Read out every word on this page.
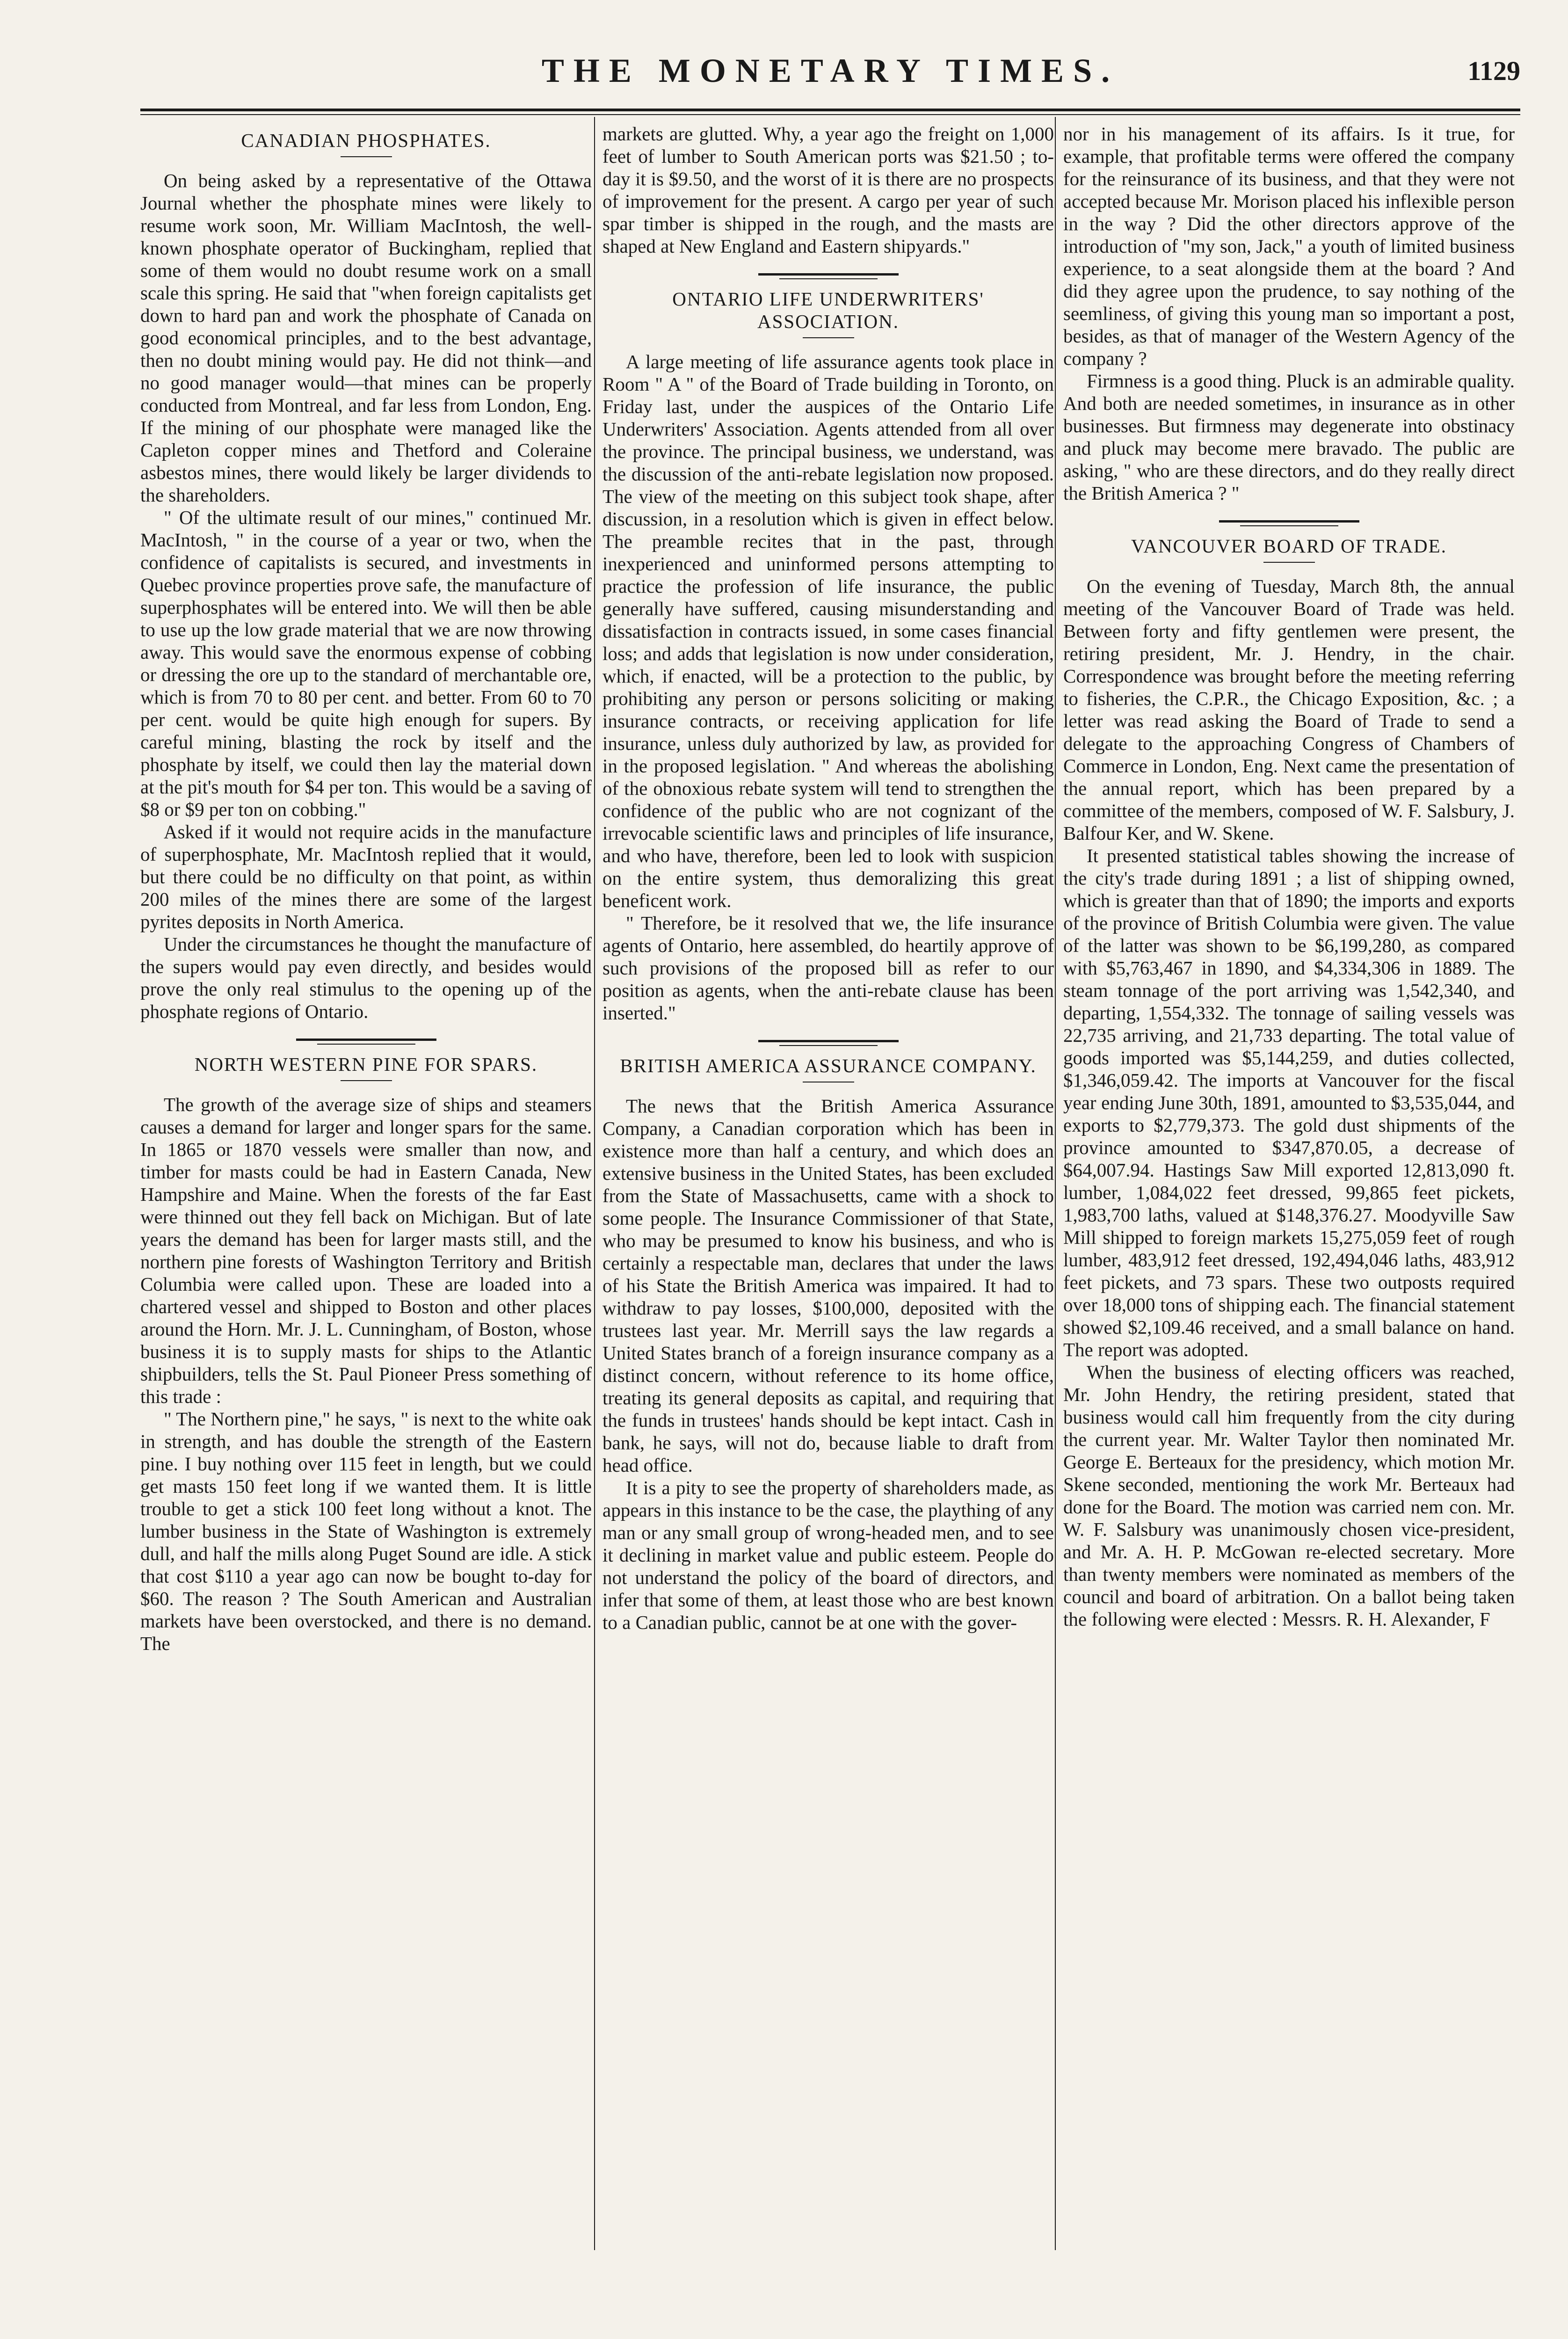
THE MONETARY TIMES.	1129
CANADIAN PHOSPHATES.

On being asked by a representative of the Ottawa Journal whether the phosphate mines were likely to resume work soon, Mr. William MacIntosh, the well-known phosphate operator of Buckingham, replied that some of them would no doubt resume work on a small scale this spring. He said that "when foreign capitalists get down to hard pan and work the phosphate of Canada on good economical principles, and to the best advantage, then no doubt mining would pay. He did not think—and no good manager would—that mines can be properly conducted from Montreal, and far less from London, Eng. If the mining of our phosphate were managed like the Capleton copper mines and Thetford and Coleraine asbestos mines, there would likely be larger dividends to the shareholders.

" Of the ultimate result of our mines," continued Mr. MacIntosh, " in the course of a year or two, when the confidence of capitalists is secured, and investments in Quebec province properties prove safe, the manufacture of superphosphates will be entered into. We will then be able to use up the low grade material that we are now throwing away. This would save the enormous expense of cobbing or dressing the ore up to the standard of merchantable ore, which is from 70 to 80 per cent. and better. From 60 to 70 per cent. would be quite high enough for supers. By careful mining, blasting the rock by itself and the phosphate by itself, we could then lay the material down at the pit's mouth for $4 per ton. This would be a saving of $8 or $9 per ton on cobbing."

Asked if it would not require acids in the manufacture of superphosphate, Mr. MacIntosh replied that it would, but there could be no difficulty on that point, as within 200 miles of the mines there are some of the largest pyrites deposits in North America.

Under the circumstances he thought the manufacture of the supers would pay even directly, and besides would prove the only real stimulus to the opening up of the phosphate regions of Ontario.

NORTH WESTERN PINE FOR SPARS.

The growth of the average size of ships and steamers causes a demand for larger and longer spars for the same. In 1865 or 1870 vessels were smaller than now, and timber for masts could be had in Eastern Canada, New Hampshire and Maine. When the forests of the far East were thinned out they fell back on Michigan. But of late years the demand has been for larger masts still, and the northern pine forests of Washington Territory and British Columbia were called upon. These are loaded into a chartered vessel and shipped to Boston and other places around the Horn. Mr. J. L. Cunningham, of Boston, whose business it is to supply masts for ships to the Atlantic shipbuilders, tells the St. Paul Pioneer Press something of this trade :

" The Northern pine," he says, " is next to the white oak in strength, and has double the strength of the Eastern pine. I buy nothing over 115 feet in length, but we could get masts 150 feet long if we wanted them. It is little trouble to get a stick 100 feet long without a knot. The lumber business in the State of Washington is extremely dull, and half the mills along Puget Sound are idle. A stick that cost $110 a year ago can now be bought to-day for $60. The reason ? The South American and Australian markets have been overstocked, and there is no demand. The

markets are glutted. Why, a year ago the freight on 1,000 feet of lumber to South American ports was $21.50 ; to-day it is $9.50, and the worst of it is there are no prospects of improvement for the present. A cargo per year of such spar timber is shipped in the rough, and the masts are shaped at New England and Eastern shipyards."

ONTARIO LIFE UNDERWRITERS' ASSOCIATION.

A large meeting of life assurance agents took place in Room " A " of the Board of Trade building in Toronto, on Friday last, under the auspices of the Ontario Life Underwriters' Association. Agents attended from all over the province. The principal business, we understand, was the discussion of the anti-rebate legislation now proposed. The view of the meeting on this subject took shape, after discussion, in a resolution which is given in effect below. The preamble recites that in the past, through inexperienced and uninformed persons attempting to practice the profession of life insurance, the public generally have suffered, causing misunderstanding and dissatisfaction in contracts issued, in some cases financial loss; and adds that legislation is now under consideration, which, if enacted, will be a protection to the public, by prohibiting any person or persons soliciting or making insurance contracts, or receiving application for life insurance, unless duly authorized by law, as provided for in the proposed legislation. " And whereas the abolishing of the obnoxious rebate system will tend to strengthen the confidence of the public who are not cognizant of the irrevocable scientific laws and principles of life insurance, and who have, therefore, been led to look with suspicion on the entire system, thus demoralizing this great beneficent work.

" Therefore, be it resolved that we, the life insurance agents of Ontario, here assembled, do heartily approve of such provisions of the proposed bill as refer to our position as agents, when the anti-rebate clause has been inserted."

BRITISH AMERICA ASSURANCE COMPANY.

The news that the British America Assurance Company, a Canadian corporation which has been in existence more than half a century, and which does an extensive business in the United States, has been excluded from the State of Massachusetts, came with a shock to some people. The Insurance Commissioner of that State, who may be presumed to know his business, and who is certainly a respectable man, declares that under the laws of his State the British America was impaired. It had to withdraw to pay losses, $100,000, deposited with the trustees last year. Mr. Merrill says the law regards a United States branch of a foreign insurance company as a distinct concern, without reference to its home office, treating its general deposits as capital, and requiring that the funds in trustees' hands should be kept intact. Cash in bank, he says, will not do, because liable to draft from head office.

It is a pity to see the property of shareholders made, as appears in this instance to be the case, the plaything of any man or any small group of wrong-headed men, and to see it declining in market value and public esteem. People do not understand the policy of the board of directors, and infer that some of them, at least those who are best known to a Canadian public, cannot be at one with the gover-

nor in his management of its affairs. Is it true, for example, that profitable terms were offered the company for the reinsurance of its business, and that they were not accepted because Mr. Morison placed his inflexible person in the way ? Did the other directors approve of the introduction of "my son, Jack," a youth of limited business experience, to a seat alongside them at the board ? And did they agree upon the prudence, to say nothing of the seemliness, of giving this young man so important a post, besides, as that of manager of the Western Agency of the company ?

Firmness is a good thing. Pluck is an admirable quality. And both are needed sometimes, in insurance as in other businesses. But firmness may degenerate into obstinacy and pluck may become mere bravado. The public are asking, " who are these directors, and do they really direct the British America ? "

VANCOUVER BOARD OF TRADE.

On the evening of Tuesday, March 8th, the annual meeting of the Vancouver Board of Trade was held. Between forty and fifty gentlemen were present, the retiring president, Mr. J. Hendry, in the chair. Correspondence was brought before the meeting referring to fisheries, the C.P.R., the Chicago Exposition, &c. ; a letter was read asking the Board of Trade to send a delegate to the approaching Congress of Chambers of Commerce in London, Eng. Next came the presentation of the annual report, which has been prepared by a committee of the members, composed of W. F. Salsbury, J. Balfour Ker, and W. Skene.

It presented statistical tables showing the increase of the city's trade during 1891 ; a list of shipping owned, which is greater than that of 1890; the imports and exports of the province of British Columbia were given. The value of the latter was shown to be $6,199,280, as compared with $5,763,467 in 1890, and $4,334,306 in 1889. The steam tonnage of the port arriving was 1,542,340, and departing, 1,554,332. The tonnage of sailing vessels was 22,735 arriving, and 21,733 departing. The total value of goods imported was $5,144,259, and duties collected, $1,346,059.42. The imports at Vancouver for the fiscal year ending June 30th, 1891, amounted to $3,535,044, and exports to $2,779,373. The gold dust shipments of the province amounted to $347,870.05, a decrease of $64,007.94. Hastings Saw Mill exported 12,813,090 ft. lumber, 1,084,022 feet dressed, 99,865 feet pickets, 1,983,700 laths, valued at $148,376.27. Moodyville Saw Mill shipped to foreign markets 15,275,059 feet of rough lumber, 483,912 feet dressed, 192,494,046 laths, 483,912 feet pickets, and 73 spars. These two outposts required over 18,000 tons of shipping each. The financial statement showed $2,109.46 received, and a small balance on hand. The report was adopted.

When the business of electing officers was reached, Mr. John Hendry, the retiring president, stated that business would call him frequently from the city during the current year. Mr. Walter Taylor then nominated Mr. George E. Berteaux for the presidency, which motion Mr. Skene seconded, mentioning the work Mr. Berteaux had done for the Board. The motion was carried nem con. Mr. W. F. Salsbury was unanimously chosen vice-president, and Mr. A. H. P. McGowan re-elected secretary. More than twenty members were nominated as members of the council and board of arbitration. On a ballot being taken the following were elected : Messrs. R. H. Alexander, F
